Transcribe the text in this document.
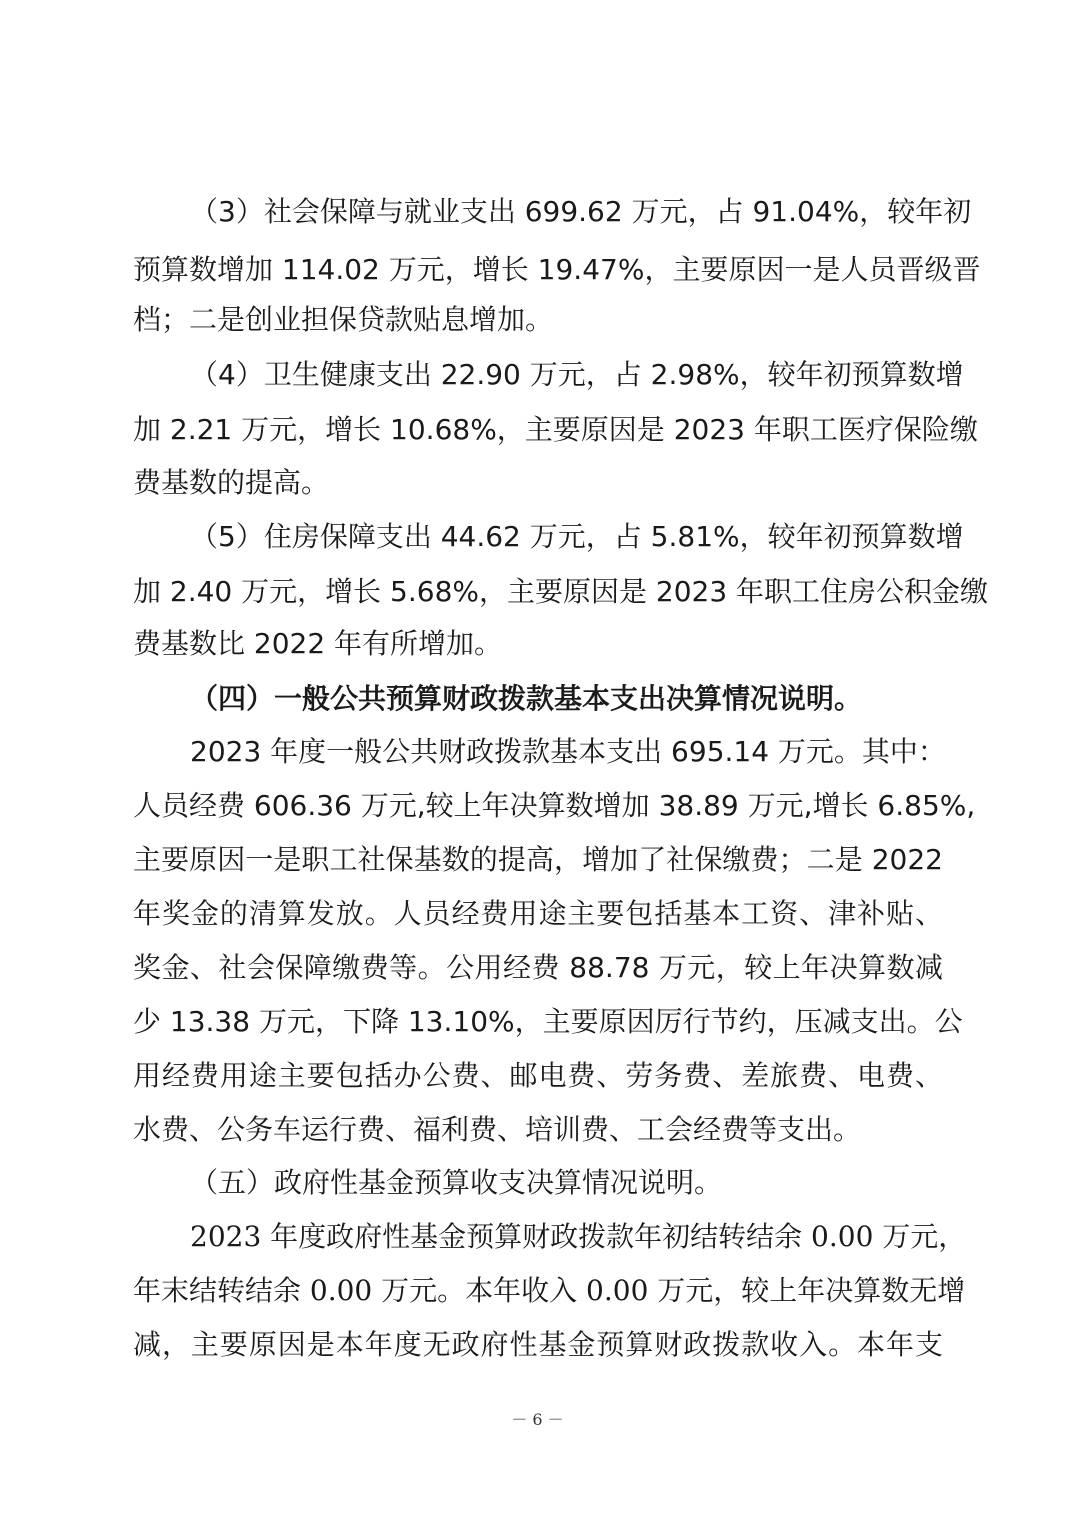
（3）社会保障与就业支出 699.62 万元，占 91.04%，较年初

预算数增加 114.02 万元，增长 19.47%，主要原因一是人员晋级晋

档；二是创业担保贷款贴息增加。

（4）卫生健康支出 22.90 万元，占 2.98%，较年初预算数增

加 2.21 万元，增长 10.68%，主要原因是 2023 年职工医疗保险缴

费基数的提高。

（5）住房保障支出 44.62 万元，占 5.81%，较年初预算数增

加 2.40 万元，增长 5.68%，主要原因是 2023 年职工住房公积金缴

费基数比 2022 年有所增加。

（四）一般公共预算财政拨款基本支出决算情况说明。

2023 年度一般公共财政拨款基本支出 695.14 万元。其中：

人员经费 606.36 万元,较上年决算数增加 38.89 万元,增长 6.85%,

主要原因一是职工社保基数的提高，增加了社保缴费；二是 2022

年奖金的清算发放。人员经费用途主要包括基本工资、津补贴、

奖金、社会保障缴费等。公用经费 88.78 万元，较上年决算数减

少 13.38 万元，下降 13.10%，主要原因厉行节约，压减支出。公

用经费用途主要包括办公费、邮电费、劳务费、差旅费、电费、

水费、公务车运行费、福利费、培训费、工会经费等支出。

（五）政府性基金预算收支决算情况说明。

2023 年度政府性基金预算财政拨款年初结转结余 0.00 万元，

年末结转结余 0.00 万元。本年收入 0.00 万元，较上年决算数无增

减，主要原因是本年度无政府性基金预算财政拨款收入。本年支

－ 6 －
